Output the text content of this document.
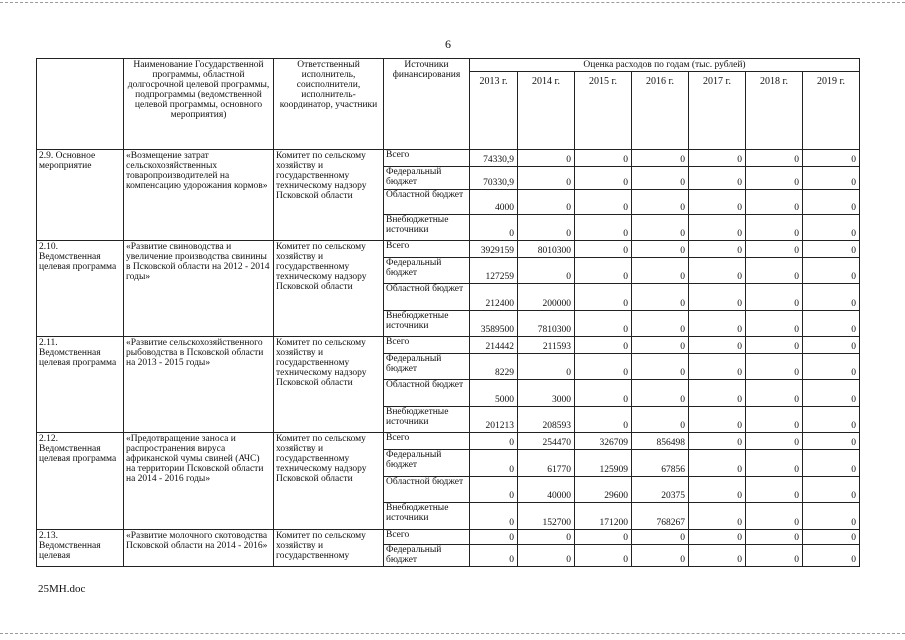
6
	Наименование Государственной программы, областной долгосрочной целевой программы, подпрограммы (ведомственной целевой программы, основного мероприятия)	Ответственный исполнитель, соисполнители, исполнитель-координатор, участники	Источники финансирования	Оценка расходов по годам (тыс. рублей)						
				2013 г.	2014 г.	2015 г.	2016 г.	2017 г.	2018 г.	2019 г.
2.9. Основное мероприятие	«Возмещение затрат сельскохозяйственных товаропроизводителей на компенсацию удорожания кормов»	Комитет по сельскому хозяйству и государственному техническому надзору Псковской области	Всего	74330,9	0	0	0	0	0	0
			Федеральный бюджет	70330,9	0	0	0	0	0	0
			Областной бюджет	4000	0	0	0	0	0	0
			Внебюджетные источники	0	0	0	0	0	0	0
2.10. Ведомственная целевая программа	«Развитие свиноводства и увеличение производства свинины в Псковской области на 2012 - 2014 годы»	Комитет по сельскому хозяйству и государственному техническому надзору Псковской области	Всего	3929159	8010300	0	0	0	0	0
			Федеральный бюджет	127259	0	0	0	0	0	0
			Областной бюджет	212400	200000	0	0	0	0	0
			Внебюджетные источники	3589500	7810300	0	0	0	0	0
2.11. Ведомственная целевая программа	«Развитие сельскохозяйственного рыбоводства в Псковской области на 2013 - 2015 годы»	Комитет по сельскому хозяйству и государственному техническому надзору Псковской области	Всего	214442	211593	0	0	0	0	0
			Федеральный бюджет	8229	0	0	0	0	0	0
			Областной бюджет	5000	3000	0	0	0	0	0
			Внебюджетные источники	201213	208593	0	0	0	0	0
2.12. Ведомственная целевая программа	«Предотвращение заноса и распространения вируса африканской чумы свиней (АЧС) на территории Псковской области на 2014 - 2016 годы»	Комитет по сельскому хозяйству и государственному техническому надзору Псковской области	Всего	0	254470	326709	856498	0	0	0
			Федеральный бюджет	0	61770	125909	67856	0	0	0
			Областной бюджет	0	40000	29600	20375	0	0	0
			Внебюджетные источники	0	152700	171200	768267	0	0	0
2.13. Ведомственная целевая	«Развитие молочного скотоводства Псковской области на 2014 - 2016»	Комитет по сельскому хозяйству и государственному	Всего	0	0	0	0	0	0	0
			Федеральный бюджет	0	0	0	0	0	0	0
25МН.doc
